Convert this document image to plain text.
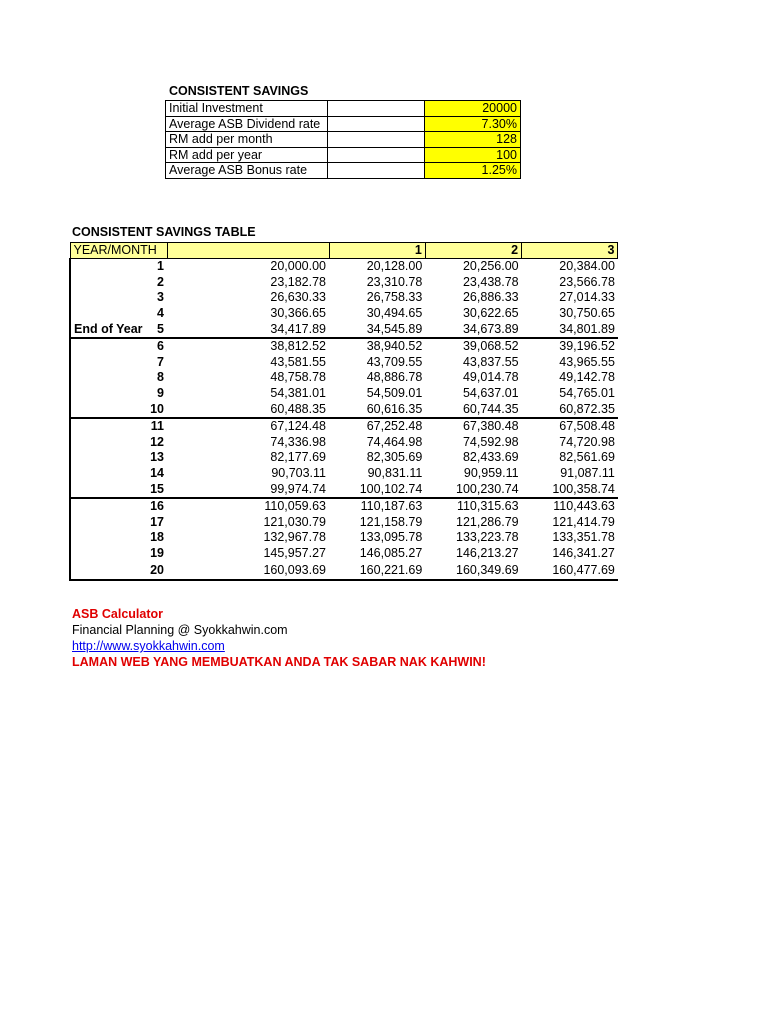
CONSISTENT SAVINGS
Initial Investment		20000
Average ASB Dividend rate		7.30%
RM add per month		128
RM add per year		100
Average ASB Bonus rate		1.25%
CONSISTENT SAVINGS TABLE
YEAR/MONTH		1	2	3
1	20,000.00	20,128.00	20,256.00	20,384.00
2	23,182.78	23,310.78	23,438.78	23,566.78
3	26,630.33	26,758.33	26,886.33	27,014.33
4	30,366.65	30,494.65	30,622.65	30,750.65

End of Year 5	34,417.89	34,545.89	34,673.89	34,801.89
6	38,812.52	38,940.52	39,068.52	39,196.52
7	43,581.55	43,709.55	43,837.55	43,965.55
8	48,758.78	48,886.78	49,014.78	49,142.78
9	54,381.01	54,509.01	54,637.01	54,765.01
10	60,488.35	60,616.35	60,744.35	60,872.35
11	67,124.48	67,252.48	67,380.48	67,508.48
12	74,336.98	74,464.98	74,592.98	74,720.98
13	82,177.69	82,305.69	82,433.69	82,561.69
14	90,703.11	90,831.11	90,959.11	91,087.11
15	99,974.74	100,102.74	100,230.74	100,358.74
16	110,059.63	110,187.63	110,315.63	110,443.63
17	121,030.79	121,158.79	121,286.79	121,414.79
18	132,967.78	133,095.78	133,223.78	133,351.78
19	145,957.27	146,085.27	146,213.27	146,341.27
20	160,093.69	160,221.69	160,349.69	160,477.69
ASB Calculator
Financial Planning @ Syokkahwin.com
http://www.syokkahwin.com
LAMAN WEB YANG MEMBUATKAN ANDA TAK SABAR NAK KAHWIN!
